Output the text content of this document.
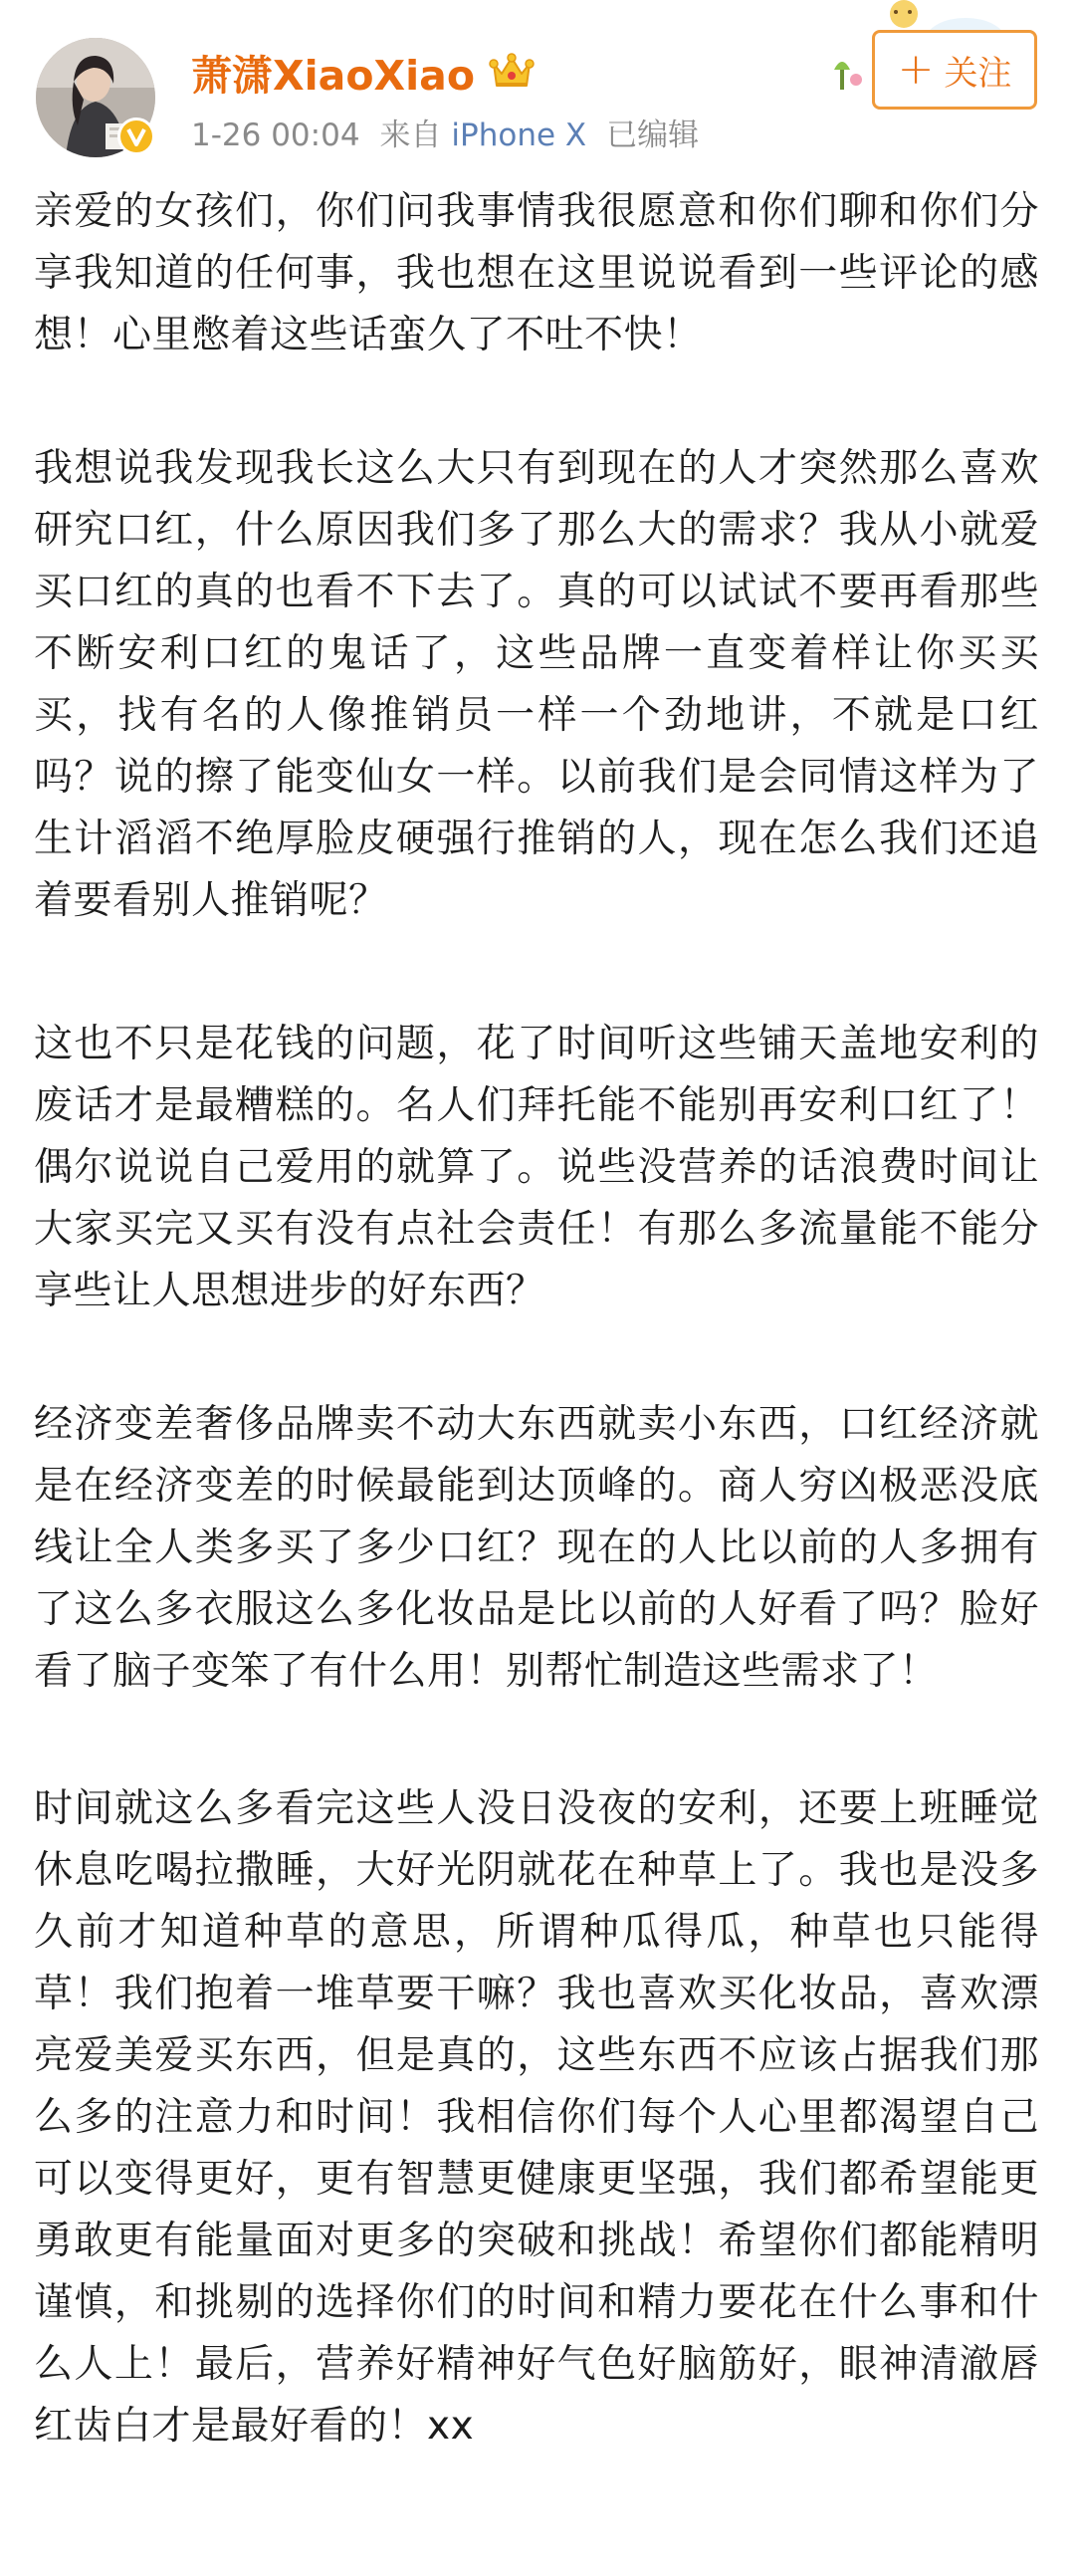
萧潇XiaoXiao
1-26 00:04 来自 iPhone X 已编辑
+ 关注

亲爱的女孩们，你们问我事情我很愿意和你们聊和你们分享我知道的任何事，我也想在这里说说看到一些评论的感想！心里憋着这些话蛮久了不吐不快！

我想说我发现我长这么大只有到现在的人才突然那么喜欢研究口红，什么原因我们多了那么大的需求？我从小就爱买口红的真的也看不下去了。真的可以试试不要再看那些不断安利口红的鬼话了，这些品牌一直变着样让你买买买，找有名的人像推销员一样一个劲地讲，不就是口红吗？说的擦了能变仙女一样。以前我们是会同情这样为了生计滔滔不绝厚脸皮硬强行推销的人，现在怎么我们还追着要看别人推销呢？

这也不只是花钱的问题，花了时间听这些铺天盖地安利的废话才是最糟糕的。名人们拜托能不能别再安利口红了！偶尔说说自己爱用的就算了。说些没营养的话浪费时间让大家买完又买有没有点社会责任！有那么多流量能不能分享些让人思想进步的好东西？

经济变差奢侈品牌卖不动大东西就卖小东西，口红经济就是在经济变差的时候最能到达顶峰的。商人穷凶极恶没底线让全人类多买了多少口红？现在的人比以前的人多拥有了这么多衣服这么多化妆品是比以前的人好看了吗？脸好看了脑子变笨了有什么用！别帮忙制造这些需求了！

时间就这么多看完这些人没日没夜的安利，还要上班睡觉休息吃喝拉撒睡，大好光阴就花在种草上了。我也是没多久前才知道种草的意思，所谓种瓜得瓜，种草也只能得草！我们抱着一堆草要干嘛？我也喜欢买化妆品，喜欢漂亮爱美爱买东西，但是真的，这些东西不应该占据我们那么多的注意力和时间！我相信你们每个人心里都渴望自己可以变得更好，更有智慧更健康更坚强，我们都希望能更勇敢更有能量面对更多的突破和挑战！希望你们都能精明谨慎，和挑剔的选择你们的时间和精力要花在什么事和什么人上！最后，营养好精神好气色好脑筋好，眼神清澈唇红齿白才是最好看的！xx
